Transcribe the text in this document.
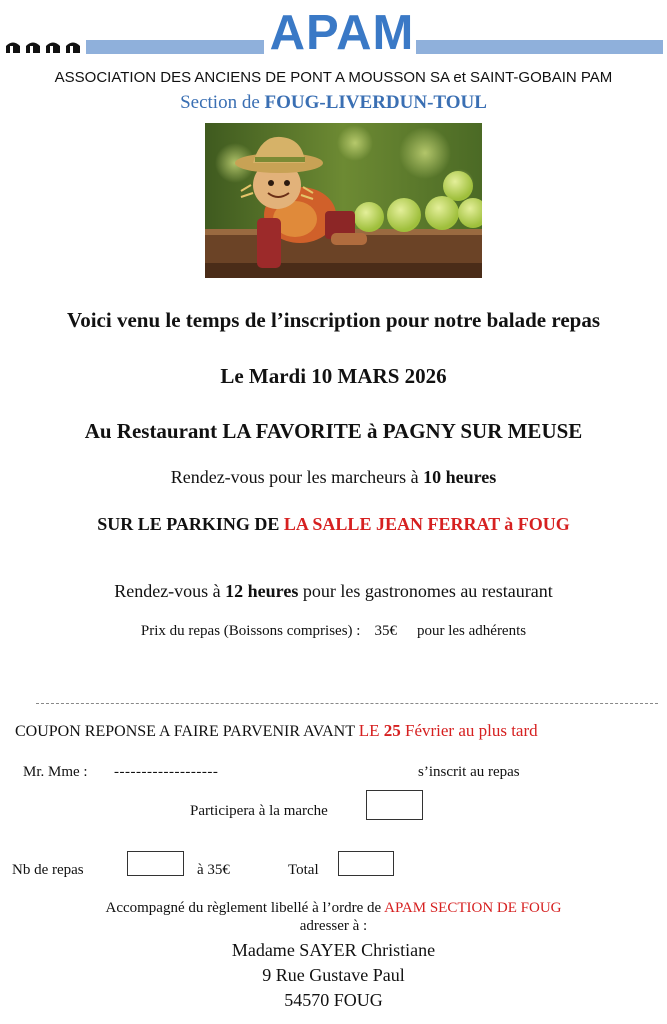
APAM
ASSOCIATION DES ANCIENS DE PONT A MOUSSON SA et SAINT-GOBAIN PAM
Section de FOUG-LIVERDUN-TOUL
Voici venu le temps de l’inscription pour notre balade repas
Le Mardi 10 MARS 2026
Au Restaurant LA FAVORITE à PAGNY SUR MEUSE
Rendez-vous pour les marcheurs à 10 heures
SUR LE PARKING DE LA SALLE JEAN FERRAT à FOUG
Rendez-vous à 12 heures pour les gastronomes au restaurant
Prix du repas (Boissons comprises) : 35€ pour les adhérents
COUPON REPONSE A FAIRE PARVENIR AVANT LE 25 Février au plus tard
Mr. Mme : -------------------	s’inscrit au repas
Participera à la marche
Nb de repas	à 35€	Total
Accompagné du règlement libellé à l’ordre de APAM SECTION DE FOUG
adresser à :
Madame SAYER Christiane
9 Rue Gustave Paul
54570 FOUG
